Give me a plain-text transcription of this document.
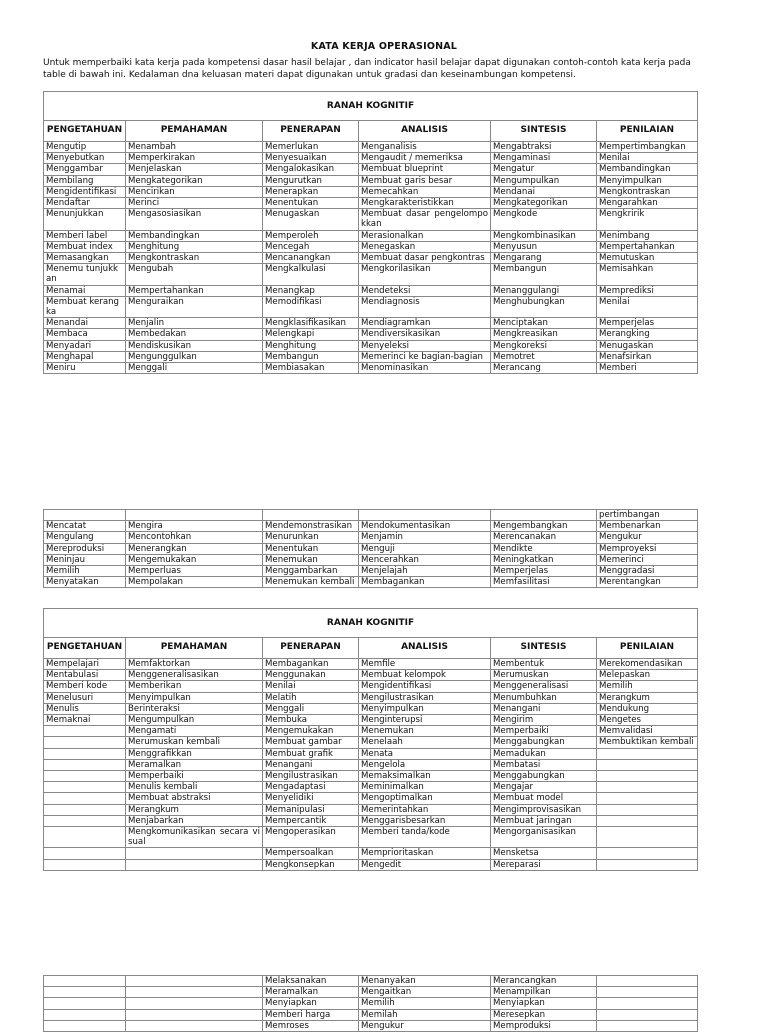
KATA KERJA OPERASIONAL
Untuk memperbaiki kata kerja pada kompetensi dasar hasil belajar , dan indicator hasil belajar dapat digunakan contoh-contoh kata kerja pada table di bawah ini. Kedalaman dna keluasan materi dapat digunakan untuk gradasi dan keseinambungan kompetensi.
RANAH KOGNITIF					
PENGETAHUAN	PEMAHAMAN	PENERAPAN	ANALISIS	SINTESIS	PENILAIAN
Mengutip	Menambah	Memerlukan	Menganalisis	Mengabtraksi	Mempertimbangkan
Menyebutkan	Memperkirakan	Menyesuaikan	Mengaudit / memeriksa	Mengaminasi	Menilai
Menggambar	Menjelaskan	Mengalokasikan	Membuat blueprint	Mengatur	Membandingkan
Membilang	Mengkategorikan	Mengurutkan	Membuat garis besar	Mengumpulkan	Menyimpulkan
Mengidentifikasi	Mencirikan	Menerapkan	Memecahkan	Mendanai	Mengkontraskan
Mendaftar	Merinci	Menentukan	Mengkarakteristikkan	Mengkategorikan	Mengarahkan
Menunjukkan	Mengasosiasikan	Menugaskan	Membuat dasar pengelompokkan	Mengkode	Mengkririk
Memberi label	Membandingkan	Memperoleh	Merasionalkan	Mengkombinasikan	Menimbang
Membuat index	Menghitung	Mencegah	Menegaskan	Menyusun	Mempertahankan
Memasangkan	Mengkontraskan	Mencanangkan	Membuat dasar pengkontras	Mengarang	Memutuskan
Menemu tunjukkan	Mengubah	Mengkalkulasi	Mengkorilasikan	Membangun	Memisahkan
Menamai	Mempertahankan	Menangkap	Mendeteksi	Menanggulangi	Memprediksi
Membuat kerangka	Menguraikan	Memodifikasi	Mendiagnosis	Menghubungkan	Menilai
Menandai	Menjalin	Mengklasifikasikan	Mendiagramkan	Menciptakan	Memperjelas
Membaca	Membedakan	Melengkapi	Mendiversikasikan	Mengkreasikan	Merangking
Menyadari	Mendiskusikan	Menghitung	Menyeleksi	Mengkoreksi	Menugaskan
Menghapal	Mengunggulkan	Membangun	Memerinci ke bagian-bagian	Memotret	Menafsirkan
Meniru	Menggali	Membiasakan	Menominasikan	Merancang	Memberi
					pertimbangan
Mencatat	Mengira	Mendemonstrasikan	Mendokumentasikan	Mengembangkan	Membenarkan
Mengulang	Mencontohkan	Menurunkan	Menjamin	Merencanakan	Mengukur
Mereproduksi	Menerangkan	Menentukan	Menguji	Mendikte	Memproyeksi
Meninjau	Mengemukakan	Menemukan	Mencerahkan	Meningkatkan	Memerinci
Memilih	Memperluas	Menggambarkan	Menjelajah	Memperjelas	Menggradasi
Menyatakan	Mempolakan	Menemukan kembali	Membagankan	Memfasilitasi	Merentangkan
RANAH KOGNITIF					
PENGETAHUAN	PEMAHAMAN	PENERAPAN	ANALISIS	SINTESIS	PENILAIAN
Mempelajari	Memfaktorkan	Membagankan	Memfile	Membentuk	Merekomendasikan
Mentabulasi	Menggeneralisasikan	Menggunakan	Membuat kelompok	Merumuskan	Melepaskan
Memberi kode	Memberikan	Menilai	Mengidentifikasi	Menggeneralisasi	Memilih
Menelusuri	Menyimpulkan	Melatih	Mengilustrasikan	Menumbuhkan	Merangkum
Menulis	Berinteraksi	Menggali	Menyimpulkan	Menangani	Mendukung
Memaknai	Mengumpulkan	Membuka	Menginterupsi	Mengirim	Mengetes
	Mengamati	Mengemukakan	Menemukan	Memperbaiki	Memvalidasi
	Merumuskan kembali	Membuat gambar	Menelaah	Menggabungkan	Membuktikan kembali
	Menggrafikkan	Membuat grafik	Menata	Memadukan	
	Meramalkan	Menangani	Mengelola	Membatasi	
	Memperbaiki	Mengilustrasikan	Memaksimalkan	Menggabungkan	
	Menulis kembali	Mengadaptasi	Meminimalkan	Mengajar	
	Membuat abstraksi	Menyelidiki	Mengoptimalkan	Membuat model	
	Merangkum	Memanipulasi	Memerintahkan	Mengimprovisasikan	
	Menjabarkan	Mempercantik	Menggarisbesarkan	Membuat jaringan	
	Mengkomunikasikan secara visual	Mengoperasikan	Memberi tanda/kode	Mengorganisasikan	
		Mempersoalkan	Memprioritaskan	Mensketsa	
		Mengkonsepkan	Mengedit	Mereparasi	
		Melaksanakan	Menanyakan	Merancangkan	
		Meramalkan	Mengaitkan	Menampilkan	
		Menyiapkan	Memilih	Menyiapkan	
		Memberi harga	Memilah	Meresepkan	
		Memroses	Mengukur	Memproduksi	
